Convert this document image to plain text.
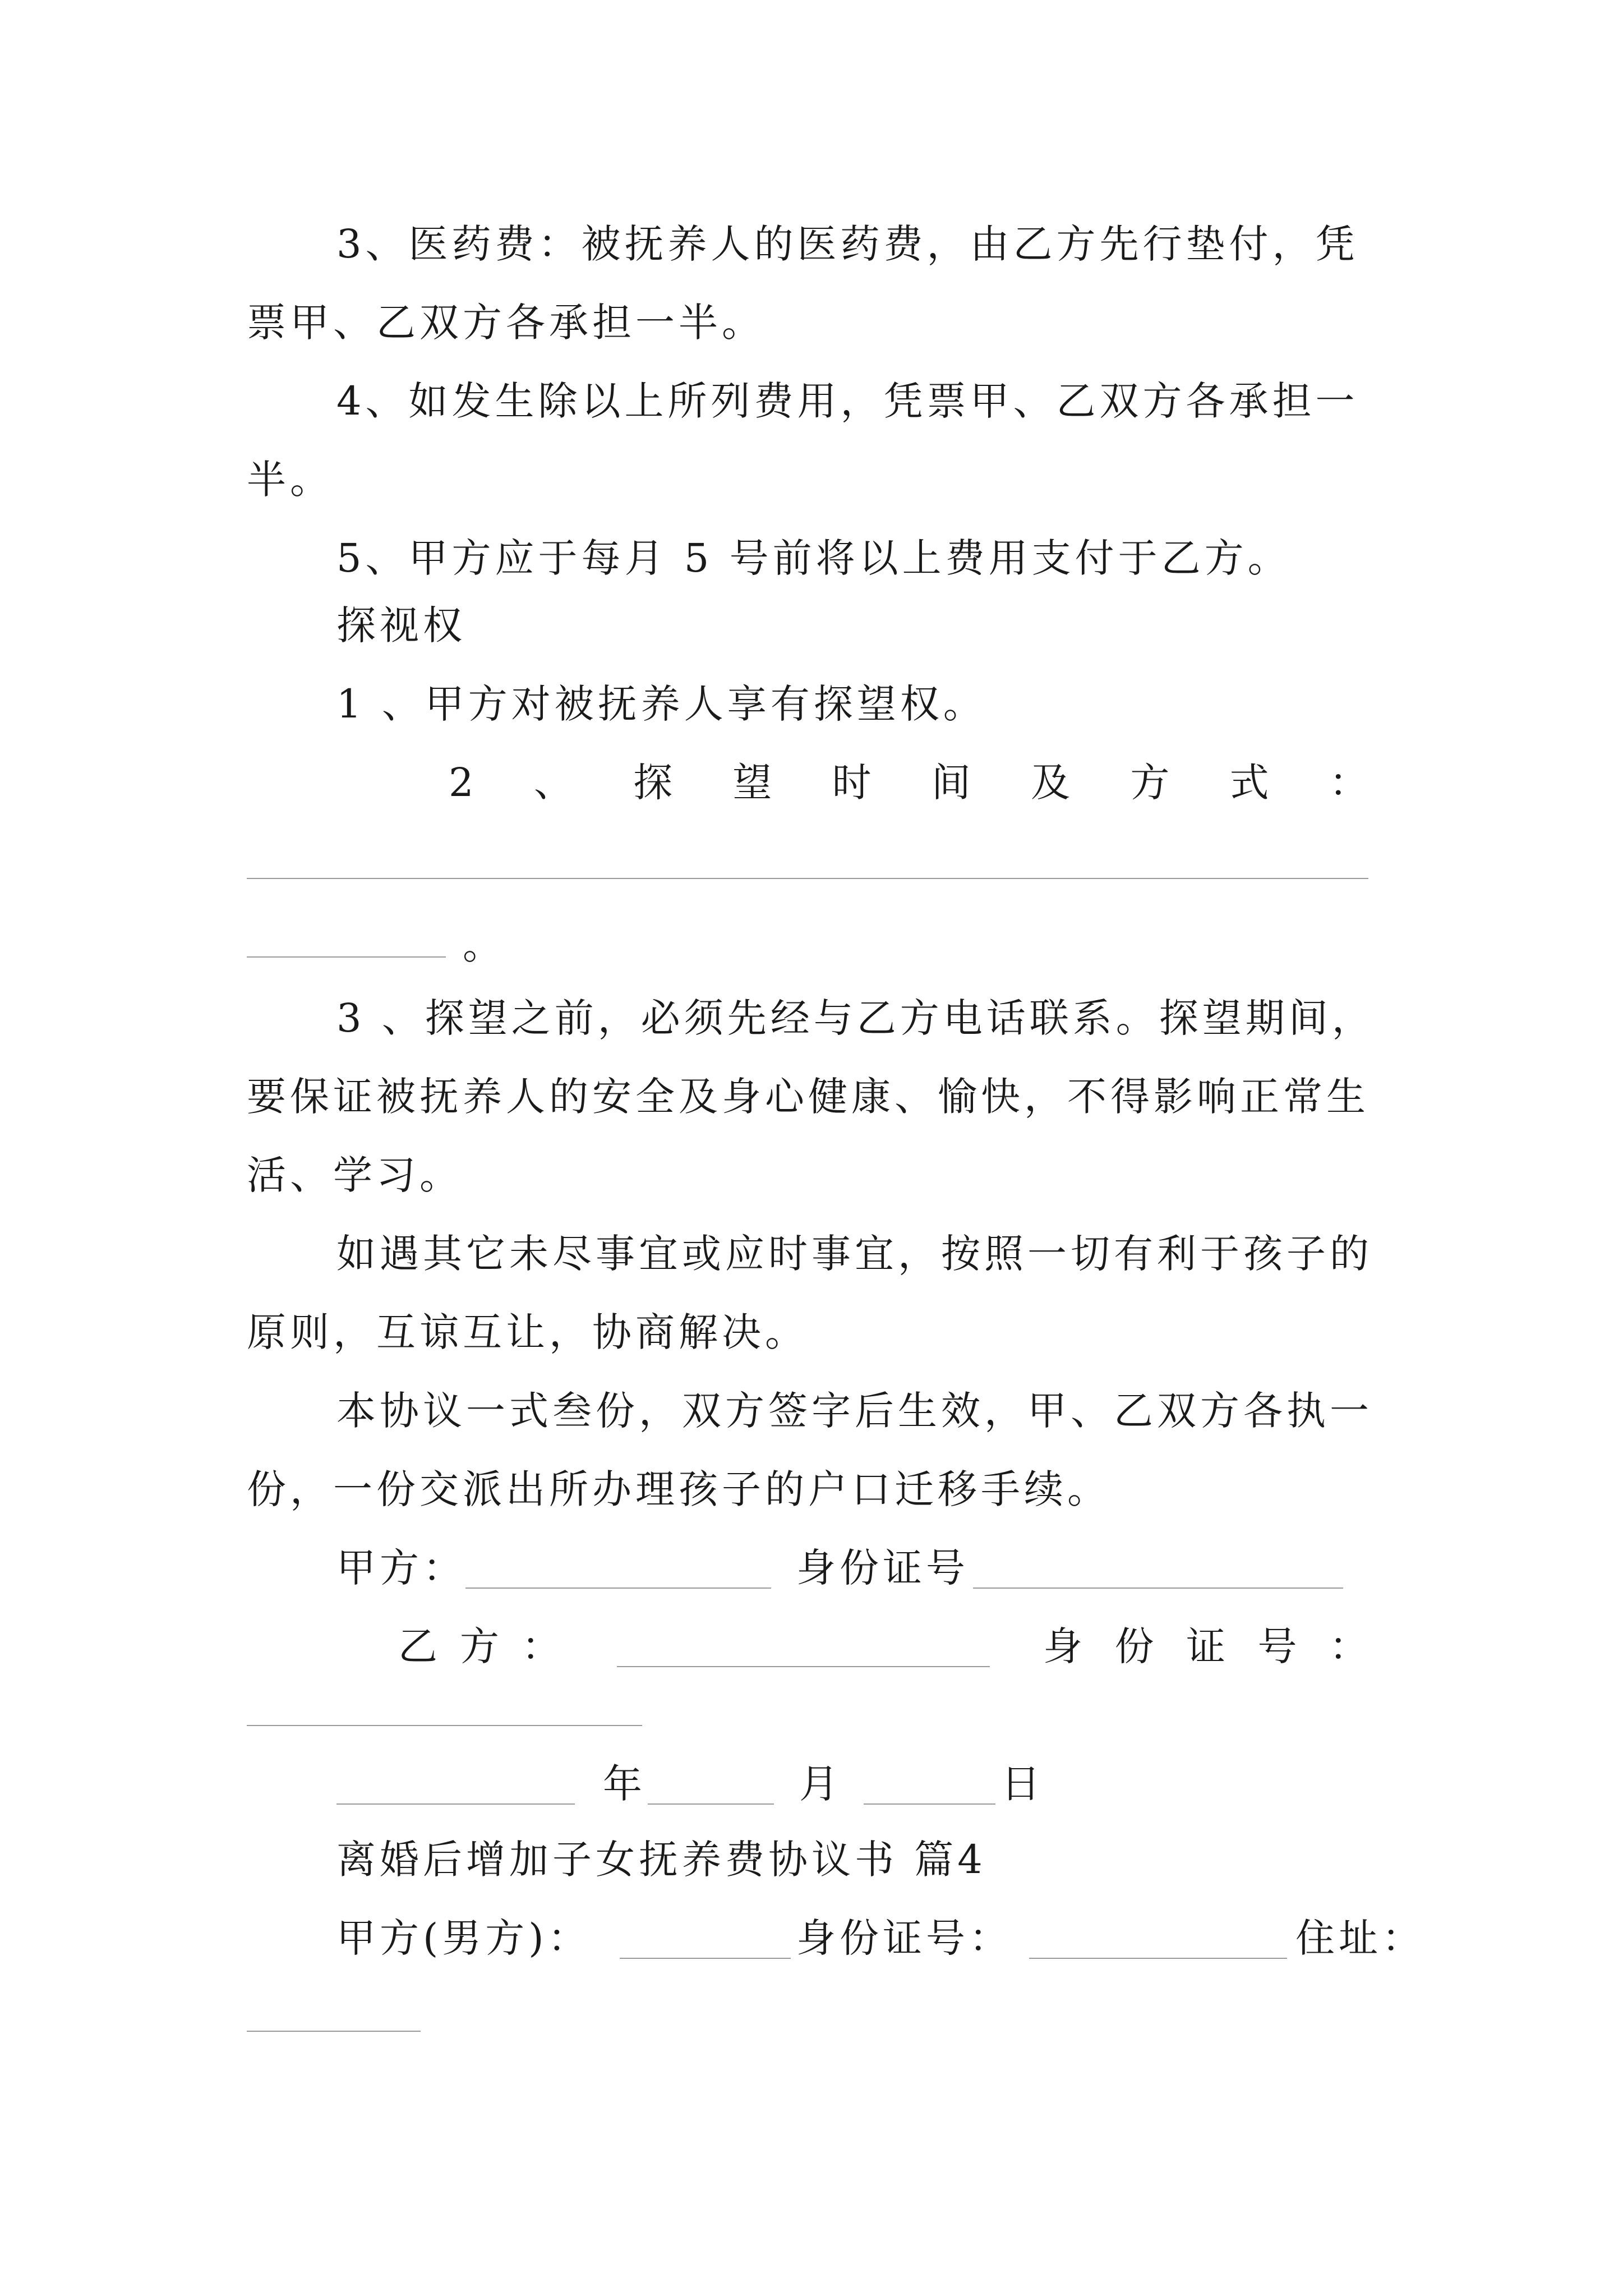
3、医药费：被抚养人的医药费，由乙方先行垫付，凭
票甲、乙双方各承担一半。
4、如发生除以上所列费用，凭票甲、乙双方各承担一
半。
5、甲方应于每月 5 号前将以上费用支付于乙方。
探视权
1 、甲方对被抚养人享有探望权。
2 、 探 望 时 间 及 方 式 ：
。
3 、探望之前，必须先经与乙方电话联系。探望期间，
要保证被抚养人的安全及身心健康、愉快，不得影响正常生
活、学习。
如遇其它未尽事宜或应时事宜，按照一切有利于孩子的
原则，互谅互让，协商解决。
本协议一式叁份，双方签字后生效，甲、乙双方各执一
份，一份交派出所办理孩子的户口迁移手续。
甲方：	身份证号
乙 方 ：	身 份 证 号 ：
年	月	日
离婚后增加子女抚养费协议书 篇4
甲方(男方)：	身份证号：	住址：
